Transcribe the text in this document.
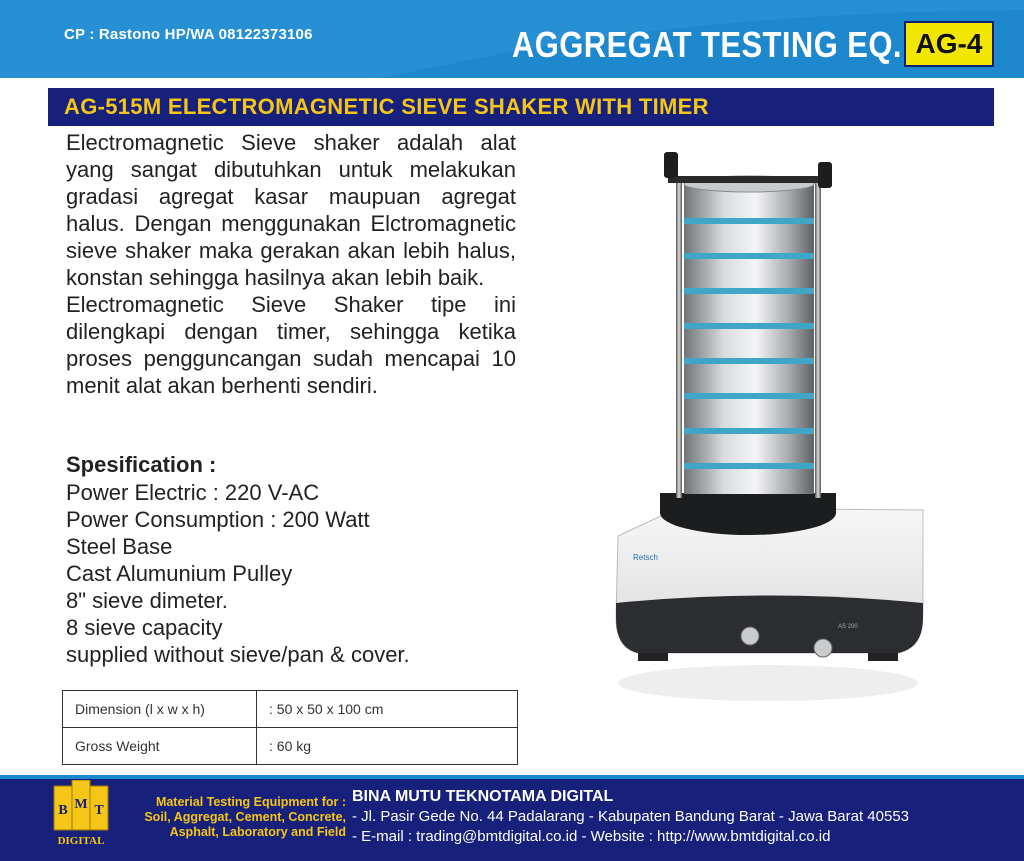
CP : Rastono HP/WA 08122373106	AGGREGAT TESTING EQ. AG-4
AG-515M ELECTROMAGNETIC SIEVE SHAKER WITH TIMER

Electromagnetic Sieve shaker adalah alat yang sangat dibutuhkan untuk melakukan gradasi agregat kasar maupuan agregat halus. Dengan menggunakan Elctromagnetic sieve shaker maka gerakan akan lebih halus, konstan sehingga hasilnya akan lebih baik.

Electromagnetic Sieve Shaker tipe ini dilengkapi dengan timer, sehingga ketika proses pengguncangan sudah mencapai 10 menit alat akan berhenti sendiri.

Spesification :
Power Electric : 220 V-AC
Power Consumption : 200 Watt
Steel Base
Cast Alumunium Pulley
8" sieve dimeter.
8 sieve capacity
supplied without sieve/pan & cover.
Dimension (l x w x h)	: 50 x 50 x 100 cm
Gross Weight	: 60 kg
Retsch
AS 200
B M T
DIGITAL
Material Testing Equipment for :
Soil, Aggregat, Cement, Concrete,
Asphalt, Laboratory and Field
BINA MUTU TEKNOTAMA DIGITAL
- Jl. Pasir Gede No. 44 Padalarang - Kabupaten Bandung Barat - Jawa Barat 40553
- E-mail : trading@bmtdigital.co.id - Website : http://www.bmtdigital.co.id
